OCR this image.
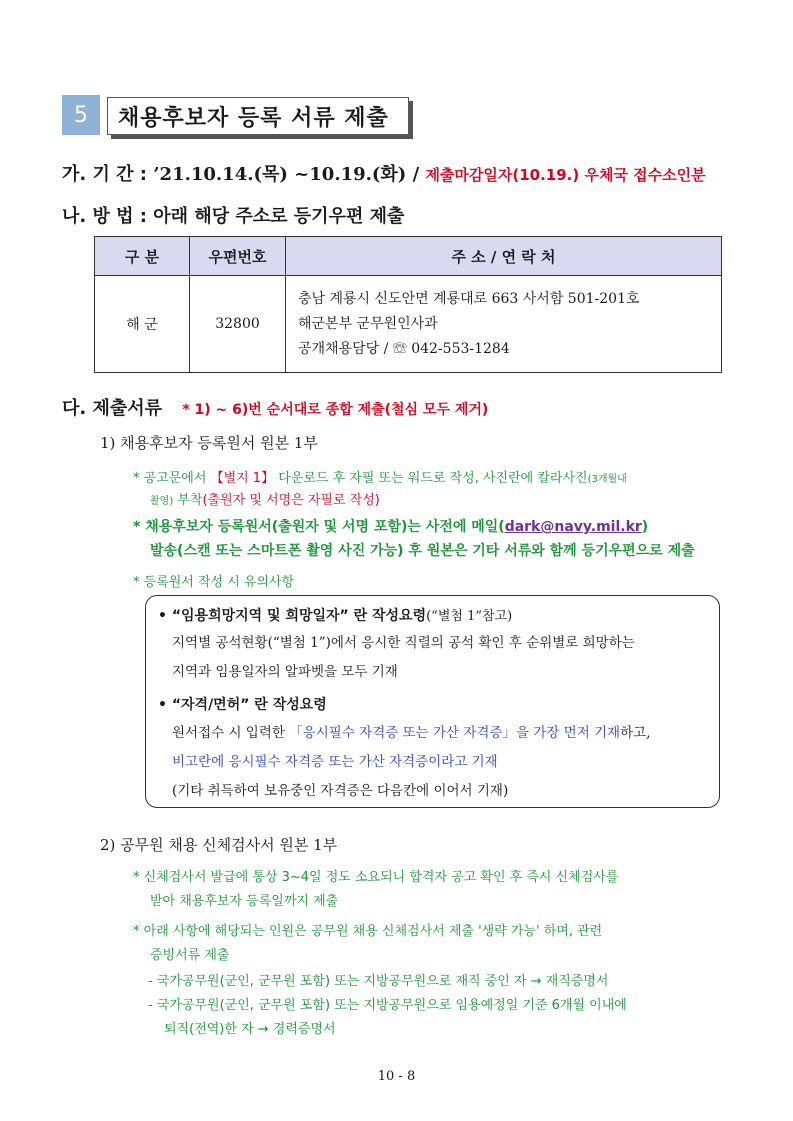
5	채용후보자 등록 서류 제출
가. 기 간 : ’21.10.14.(목) ~10.19.(화) / 제출마감일자(10.19.) 우체국 접수소인분
나. 방 법 : 아래 해당 주소로 등기우편 제출
구 분	우편번호	주 소 / 연 락 처
해 군	32800	충남 계룡시 신도안면 계룡대로 663 사서함 501-201호
해군본부 군무원인사과
공개채용담당 / ☏ 042-553-1284
다. 제출서류 * 1) ~ 6)번 순서대로 종합 제출(철심 모두 제거)
1) 채용후보자 등록원서 원본 1부
* 공고문에서 【별지 1】 다운로드 후 자필 또는 워드로 작성, 사진란에 칼라사진(3개월내
촬영) 부착(출원자 및 서명은 자필로 작성)
* 채용후보자 등록원서(출원자 및 서명 포함)는 사전에 메일(dark@navy.mil.kr)
발송(스캔 또는 스마트폰 촬영 사진 가능) 후 원본은 기타 서류와 함께 등기우편으로 제출
* 등록원서 작성 시 유의사항
• “임용희망지역 및 희망일자” 란 작성요령(“별첨 1”참고)
지역별 공석현황(“별첨 1”)에서 응시한 직렬의 공석 확인 후 순위별로 희망하는
지역과 임용일자의 알파벳을 모두 기재
• “자격/면허” 란 작성요령
원서접수 시 입력한 「응시필수 자격증 또는 가산 자격증」을 가장 먼저 기재하고,
비고란에 응시필수 자격증 또는 가산 자격증이라고 기재
(기타 취득하여 보유중인 자격증은 다음칸에 이어서 기재)
2) 공무원 채용 신체검사서 원본 1부
* 신체검사서 발급에 통상 3~4일 정도 소요되니 합격자 공고 확인 후 즉시 신체검사를
받아 채용후보자 등록일까지 제출
* 아래 사항에 해당되는 인원은 공무원 채용 신체검사서 제출 '생략 가능' 하며, 관련
증빙서류 제출
- 국가공무원(군인, 군무원 포함) 또는 지방공무원으로 재직 중인 자 → 재직증명서
- 국가공무원(군인, 군무원 포함) 또는 지방공무원으로 임용예정일 기준 6개월 이내에
퇴직(전역)한 자 → 경력증명서
10 - 8
